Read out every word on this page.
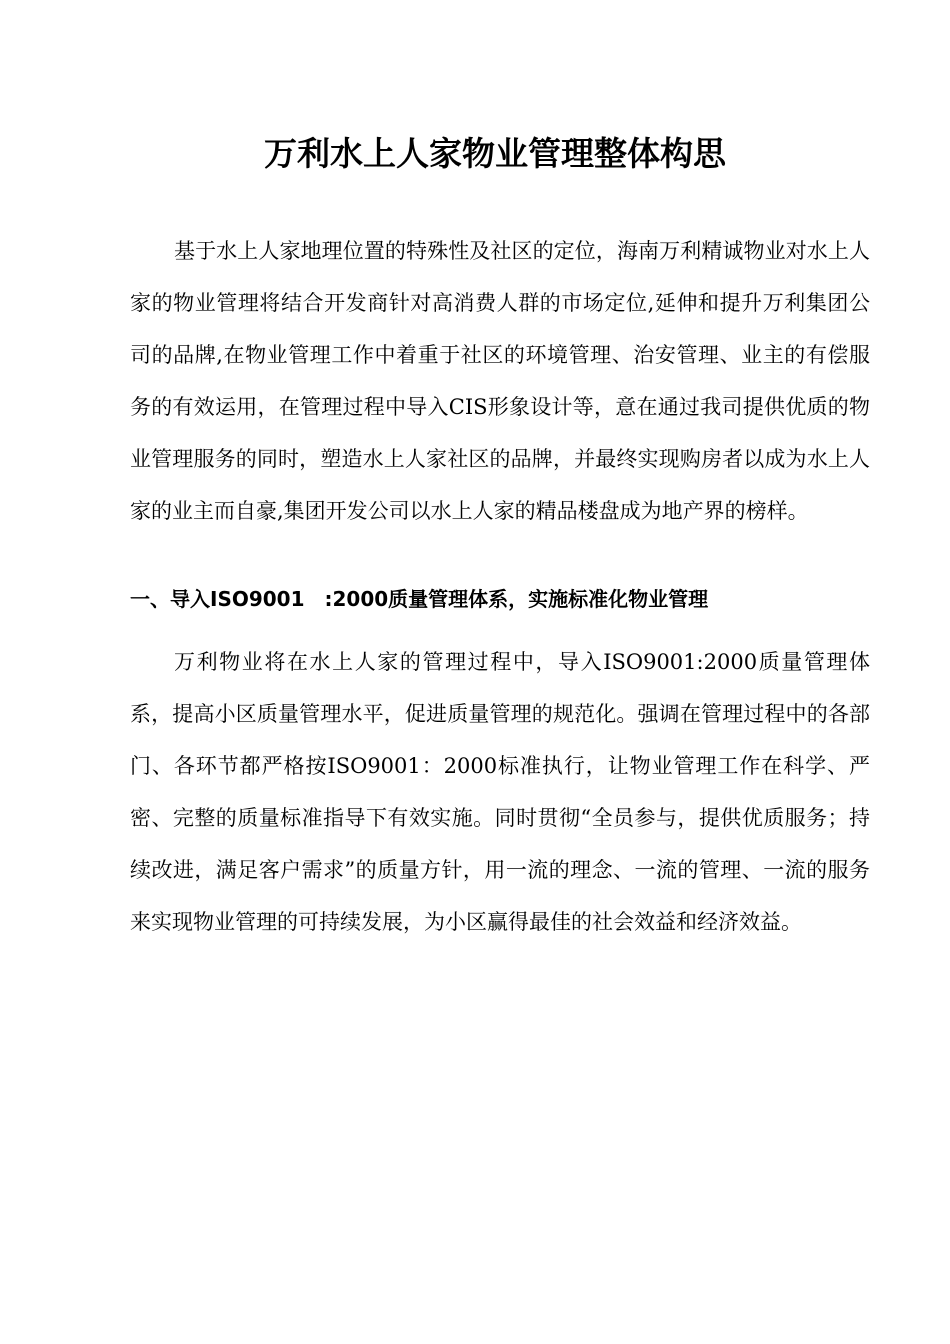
万利水上人家物业管理整体构思

基于水上人家地理位置的特殊性及社区的定位，海南万利精诚物业对水上人家的物业管理将结合开发商针对高消费人群的市场定位,延伸和提升万利集团公司的品牌,在物业管理工作中着重于社区的环境管理、治安管理、业主的有偿服务的有效运用，在管理过程中导入CIS形象设计等，意在通过我司提供优质的物业管理服务的同时，塑造水上人家社区的品牌，并最终实现购房者以成为水上人家的业主而自豪,集团开发公司以水上人家的精品楼盘成为地产界的榜样。

一、导入ISO9001　:2000质量管理体系，实施标准化物业管理

万利物业将在水上人家的管理过程中，导入ISO9001:2000质量管理体系，提高小区质量管理水平，促进质量管理的规范化。强调在管理过程中的各部门、各环节都严格按ISO9001：2000标准执行，让物业管理工作在科学、严密、完整的质量标准指导下有效实施。同时贯彻“全员参与，提供优质服务；持续改进，满足客户需求”的质量方针，用一流的理念、一流的管理、一流的服务来实现物业管理的可持续发展，为小区赢得最佳的社会效益和经济效益。
